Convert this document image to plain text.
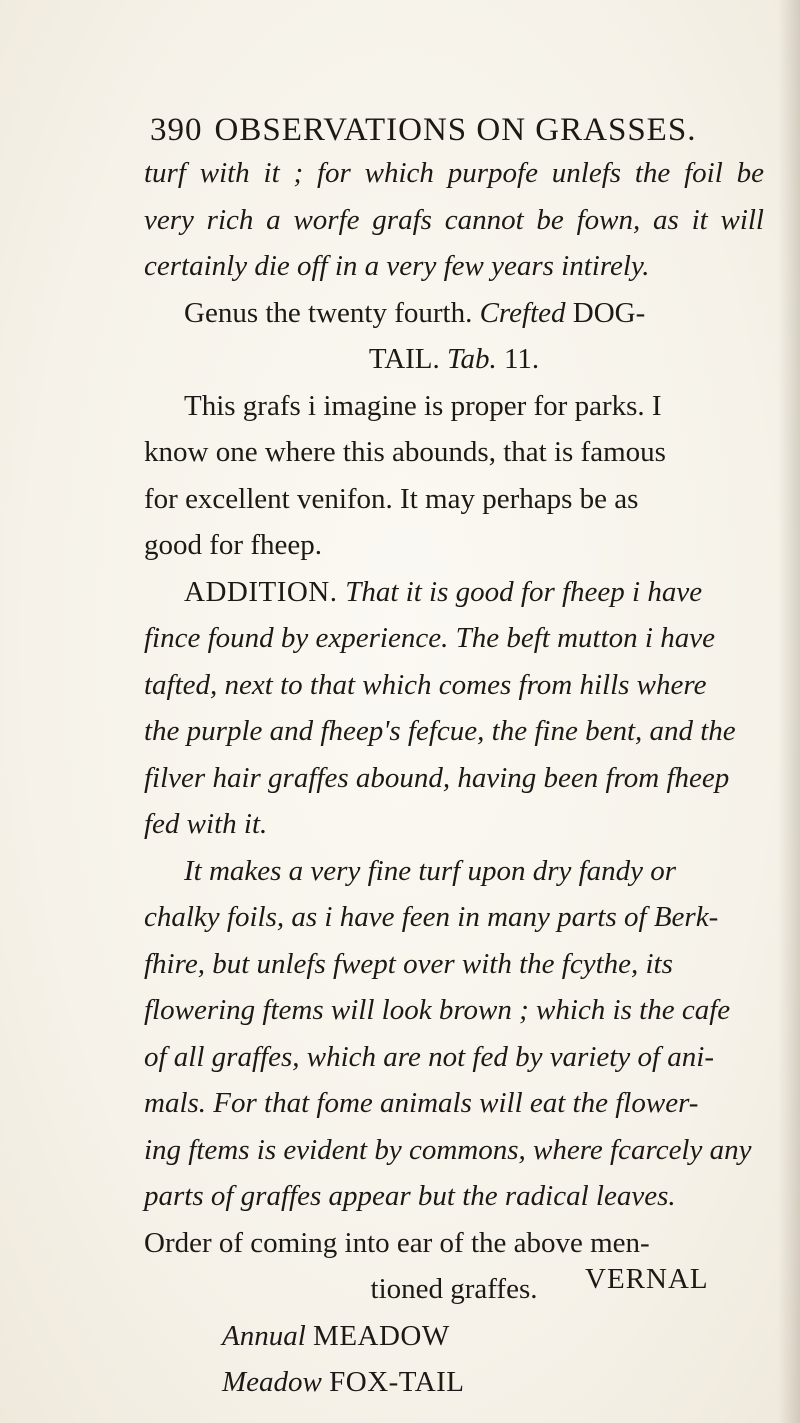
390 OBSERVATIONS ON GRASSES.
turf with it ; for which purpofe unlefs the foil be
very rich a worfe grafs cannot be fown, as it will
certainly die off in a very few years intirely.
Genus the twenty fourth. Crefted DOG-
TAIL. Tab. 11.
This grafs i imagine is proper for parks. I
know one where this abounds, that is famous
for excellent venifon. It may perhaps be as
good for fheep.
ADDITION. That it is good for fheep i have
fince found by experience. The beft mutton i have
tafted, next to that which comes from hills where
the purple and fheep's fefcue, the fine bent, and the
filver hair graffes abound, having been from fheep
fed with it.
It makes a very fine turf upon dry fandy or
chalky foils, as i have feen in many parts of Berk-
fhire, but unlefs fwept over with the fcythe, its
flowering ftems will look brown ; which is the cafe
of all graffes, which are not fed by variety of ani-
mals. For that fome animals will eat the flower-
ing ftems is evident by commons, where fcarcely any
parts of graffes appear but the radical leaves.
Order of coming into ear of the above men-
tioned graffes.
Annual MEADOW
Meadow FOX-TAIL
VERNAL
